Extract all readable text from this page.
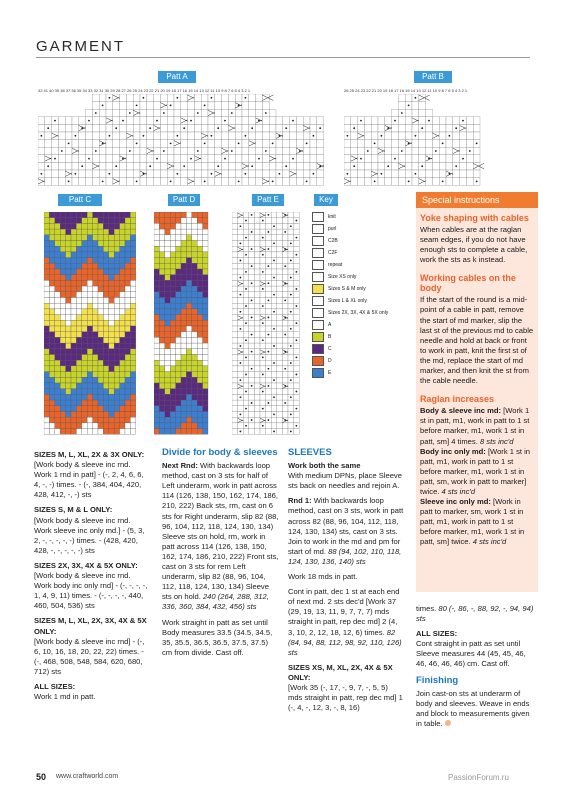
GARMENT
Patt A
42 41 40 39 38 37 36 35 34 33 32 31 30 29 28 27 26 25 24 23 22 21 20 19 18 17 16 15 14 13 12 11 10 9 8 7 6 5 4 3 2 1
Patt B
26 25 24 23 22 21 20 19 18 17 16 15 14 13 12 11 10 9 8 7 6 5 4 3 2 1
Patt C	Patt D	Patt E	Key
knit
purl
C2B
C2F
repeat
Size XS only
Sizes S & M only
Sizes L & XL only
Sizes 2X, 3X, 4X & 5X only
A
B
C
D
E
Special instructions
Yoke shaping with cables
When cables are at the raglan seam edges, if you do not have enough sts to complete a cable, work the sts as k instead.
Working cables on the body
If the start of the round is a mid-point of a cable in patt, remove the start of md marker, slip the last st of the previous md to cable needle and hold at back or front to work in patt, knit the first st of the md, replace the start of md marker, and then knit the st from the cable needle.
Raglan increases
Body & sleeve inc md: [Work 1 st in patt, m1, work in patt to 1 st before marker, m1, work 1 st in patt, sm] 4 times. 8 sts inc'd
Body inc only md: [Work 1 st in patt, m1, work in patt to 1 st before marker, m1, work 1 st in patt, sm, work in patt to marker] twice. 4 sts inc'd
Sleeve inc only md: [Work in patt to marker, sm, work 1 st in patt, m1, work in patt to 1 st before marker, m1, work 1 st in patt, sm] twice. 4 sts inc'd
SIZES M, L, XL, 2X & 3X ONLY:

[Work body & sleeve inc rnd. Work 1 rnd in patt] - (-, 2, 4, 6, 6, 4, -, -) times. - (-, 384, 404, 420, 428, 412, -, -) sts

SIZES S, M & L ONLY:

[Work body & sleeve inc rnd. Work sleeve inc only md.] - (5, 3, 2, -, -, -, -, -) times. - (428, 420, 428, -, -, -, -, -) sts

SIZES 2X, 3X, 4X & 5X ONLY:

[Work body & sleeve inc rnd. Work body inc only rnd] - (-, -, -, -, 1, 4, 9, 11) times. - (-, -, -, -, 440, 460, 504, 536) sts

SIZES M, L, XL, 2X, 3X, 4X & 5X ONLY:

[Work body & sleeve inc rnd] - (-, 6, 10, 16, 18, 20, 22, 22) times. - (-, 468, 508, 548, 584, 620, 680, 712) sts

ALL SIZES:

Work 1 md in patt.

Divide for body & sleeves

Next Rnd: With backwards loop method, cast on 3 sts for half of Left underarm, work in patt across 114 (126, 138, 150, 162, 174, 186, 210, 222) Back sts, rm, cast on 6 sts for Right underarm, slip 82 (88, 96, 104, 112, 118, 124, 130, 134) Sleeve sts on hold, rm, work in patt across 114 (126, 138, 150, 162, 174, 186, 210, 222) Front sts, cast on 3 sts for rem Left underarm, slip 82 (88, 96, 104, 112, 118, 124, 130, 134) Sleeve sts on hold. 240 (264, 288, 312, 336, 360, 384, 432, 456) sts

Work straight in patt as set until Body measures 33.5 (34.5, 34.5, 35, 35.5, 36.5, 36.5, 37.5, 37.5) cm from divide. Cast off.

SLEEVES
Work both the same

With medium DPNs, place Sleeve sts back on needles and rejoin A.

Rnd 1: With backwards loop method, cast on 3 sts, work in patt across 82 (88, 96, 104, 112, 118, 124, 130, 134) sts, cast on 3 sts. Join to work in the md and pm for start of md. 88 (94, 102, 110, 118, 124, 130, 136, 140) sts

Work 18 mds in patt.

Cont in patt, dec 1 st at each end of next md. 2 sts dec'd [Work 37 (29, 19, 13, 11, 9, 7, 7, 7) mds straight in patt, rep dec md] 2 (4, 3, 10, 2, 12, 18, 12, 6) times. 82 (84, 94, 88, 112, 98, 92, 110, 126) sts

SIZES XS, M, XL, 2X, 4X & 5X ONLY:

[Work 35 (-, 17, -, 9, 7, -, 5, 5) mds straight in patt, rep dec md] 1 (-, 4, -, 12, 3, -, 8, 16)

times. 80 (-, 86, -, 88, 92, -, 94, 94) sts

ALL SIZES:

Cont straight in patt as set until Sleeve measures 44 (45, 45, 46, 46, 46, 46, 46) cm. Cast off.

Finishing

Join cast-on sts at underarm of body and sleeves. Weave in ends and block to measurements given in table.

50 www.craftworld.com	PassionForum.ru
